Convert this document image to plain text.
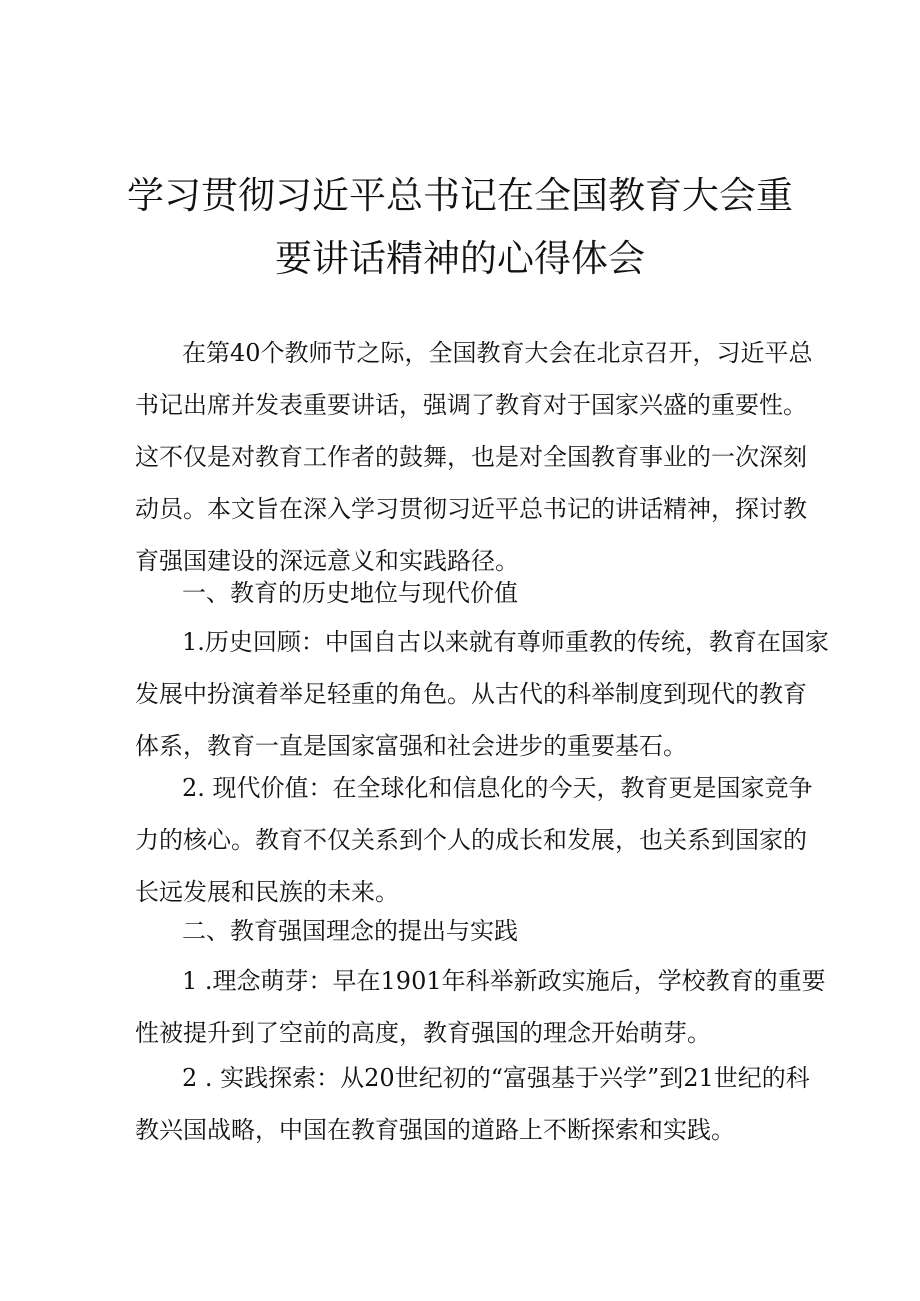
学习贯彻习近平总书记在全国教育大会重
要讲话精神的心得体会
在第40个教师节之际，全国教育大会在北京召开，习近平总
书记出席并发表重要讲话，强调了教育对于国家兴盛的重要性。
这不仅是对教育工作者的鼓舞，也是对全国教育事业的一次深刻
动员。本文旨在深入学习贯彻习近平总书记的讲话精神，探讨教
育强国建设的深远意义和实践路径。
一、教育的历史地位与现代价值
1.历史回顾：中国自古以来就有尊师重教的传统，教育在国家
发展中扮演着举足轻重的角色。从古代的科举制度到现代的教育
体系，教育一直是国家富强和社会进步的重要基石。
2. 现代价值：在全球化和信息化的今天，教育更是国家竞争
力的核心。教育不仅关系到个人的成长和发展，也关系到国家的
长远发展和民族的未来。
二、教育强国理念的提出与实践
1 .理念萌芽：早在1901年科举新政实施后，学校教育的重要
性被提升到了空前的高度，教育强国的理念开始萌芽。
2 . 实践探索：从20世纪初的“富强基于兴学”到21世纪的科
教兴国战略，中国在教育强国的道路上不断探索和实践。
